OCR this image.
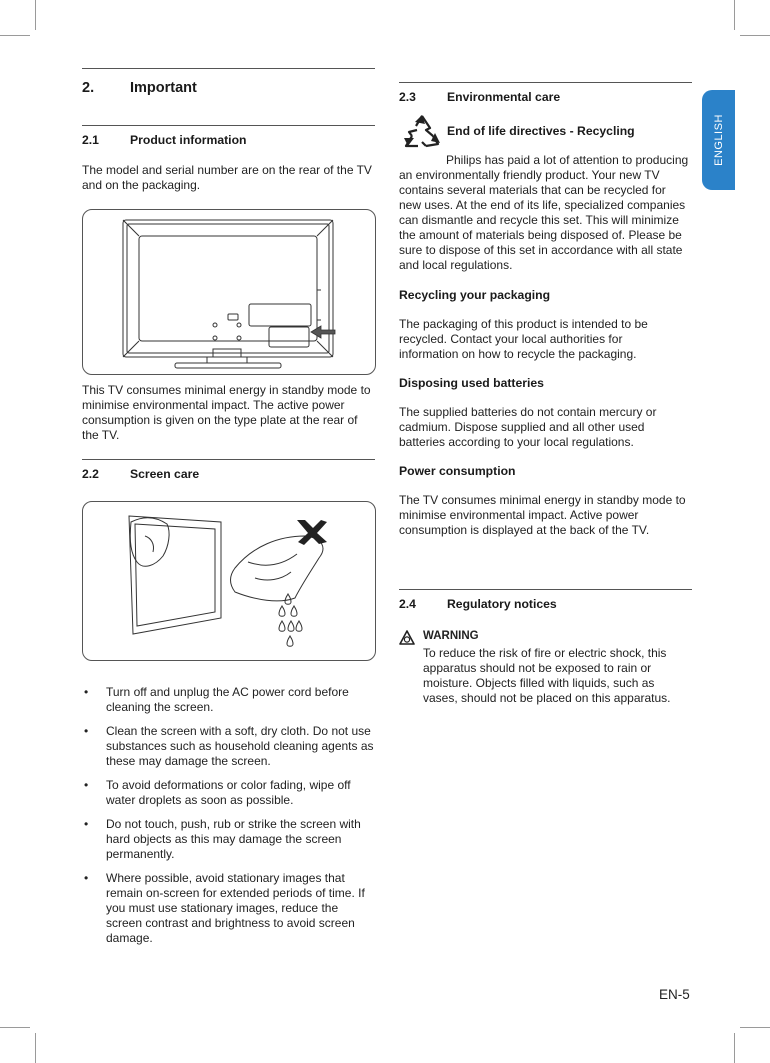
ENGLISH
2. Important
2.1	Product information
The model and serial number are on the rear of the TV and on the packaging.
This TV consumes minimal energy in standby mode to minimise environmental impact. The active power consumption is given on the type plate at the rear of the TV.
2.2	Screen care
• Turn off and unplug the AC power cord before cleaning the screen.
• Clean the screen with a soft, dry cloth. Do not use substances such as household cleaning agents as these may damage the screen.
• To avoid deformations or color fading, wipe off water droplets as soon as possible.
• Do not touch, push, rub or strike the screen with hard objects as this may damage the screen permanently.
• Where possible, avoid stationary images that remain on-screen for extended periods of time. If you must use stationary images, reduce the screen contrast and brightness to avoid screen damage.
2.3	Environmental care
End of life directives - Recycling
Philips has paid a lot of attention to producing an environmentally friendly product. Your new TV contains several materials that can be recycled for new uses. At the end of its life, specialized companies can dismantle and recycle this set. This will minimize the amount of materials being disposed of. Please be sure to dispose of this set in accordance with all state and local regulations.
Recycling your packaging
The packaging of this product is intended to be recycled. Contact your local authorities for information on how to recycle the packaging.
Disposing used batteries
The supplied batteries do not contain mercury or cadmium. Dispose supplied and all other used batteries according to your local regulations.
Power consumption
The TV consumes minimal energy in standby mode to minimise environmental impact. Active power consumption is displayed at the back of the TV.
2.4	Regulatory notices
WARNING
To reduce the risk of fire or electric shock, this apparatus should not be exposed to rain or moisture. Objects filled with liquids, such as vases, should not be placed on this apparatus.
EN-5
